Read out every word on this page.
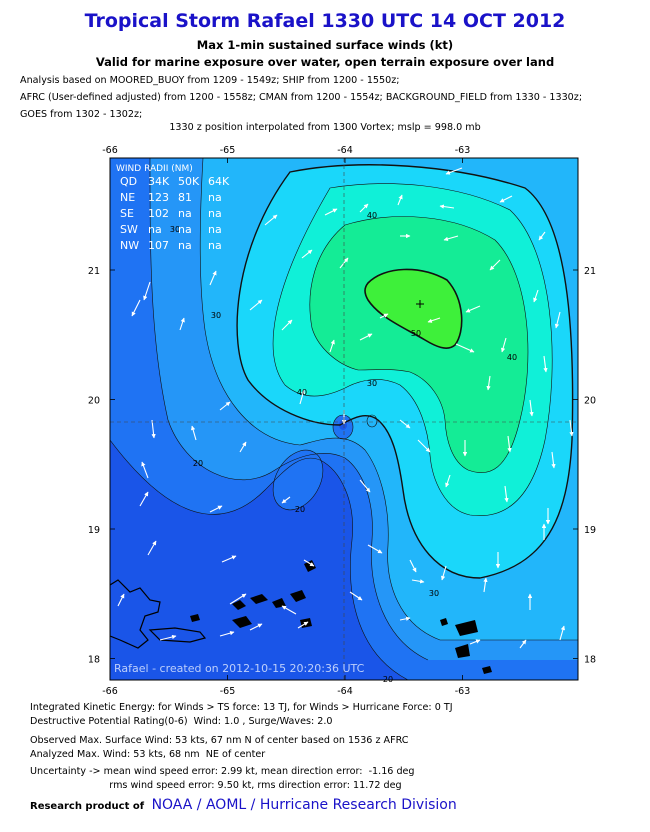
Tropical Storm Rafael 1330 UTC 14 OCT 2012
Max 1-min sustained surface winds (kt)
Valid for marine exposure over water, open terrain exposure over land
Analysis based on MOORED_BUOY from 1209 - 1549z; SHIP from 1200 - 1550z;
AFRC (User-defined adjusted) from 1200 - 1558z; CMAN from 1200 - 1554z; BACKGROUND_FIELD from 1330 - 1330z;
GOES from 1302 - 1302z;
1330 z position interpolated from 1300 Vortex; mslp = 998.0 mb
20
20
20
30
30
30
30
40
40
40
50
-66
-66
-65
-65
-64
-64
-63
-63
21	21
20	20
19	19
18	18
WIND RADII (NM)
QD 34K 50K 64K
NE 123 81 na
SE 102 na na
SW na na na
NW 107 na na
Rafael - created on 2012-10-15 20:20:36 UTC
Integrated Kinetic Energy: for Winds > TS force: 13 TJ, for Winds > Hurricane Force: 0 TJ
Destructive Potential Rating(0-6)  Wind: 1.0 , Surge/Waves: 2.0
Observed Max. Surface Wind: 53 kts, 67 nm N of center based on 1536 z AFRC
Analyzed Max. Wind: 53 kts, 68 nm  NE of center
Uncertainty -> mean wind speed error: 2.99 kt, mean direction error:  -1.16 deg
rms wind speed error: 9.50 kt, rms direction error: 11.72 deg
Research product of NOAA / AOML / Hurricane Research Division
